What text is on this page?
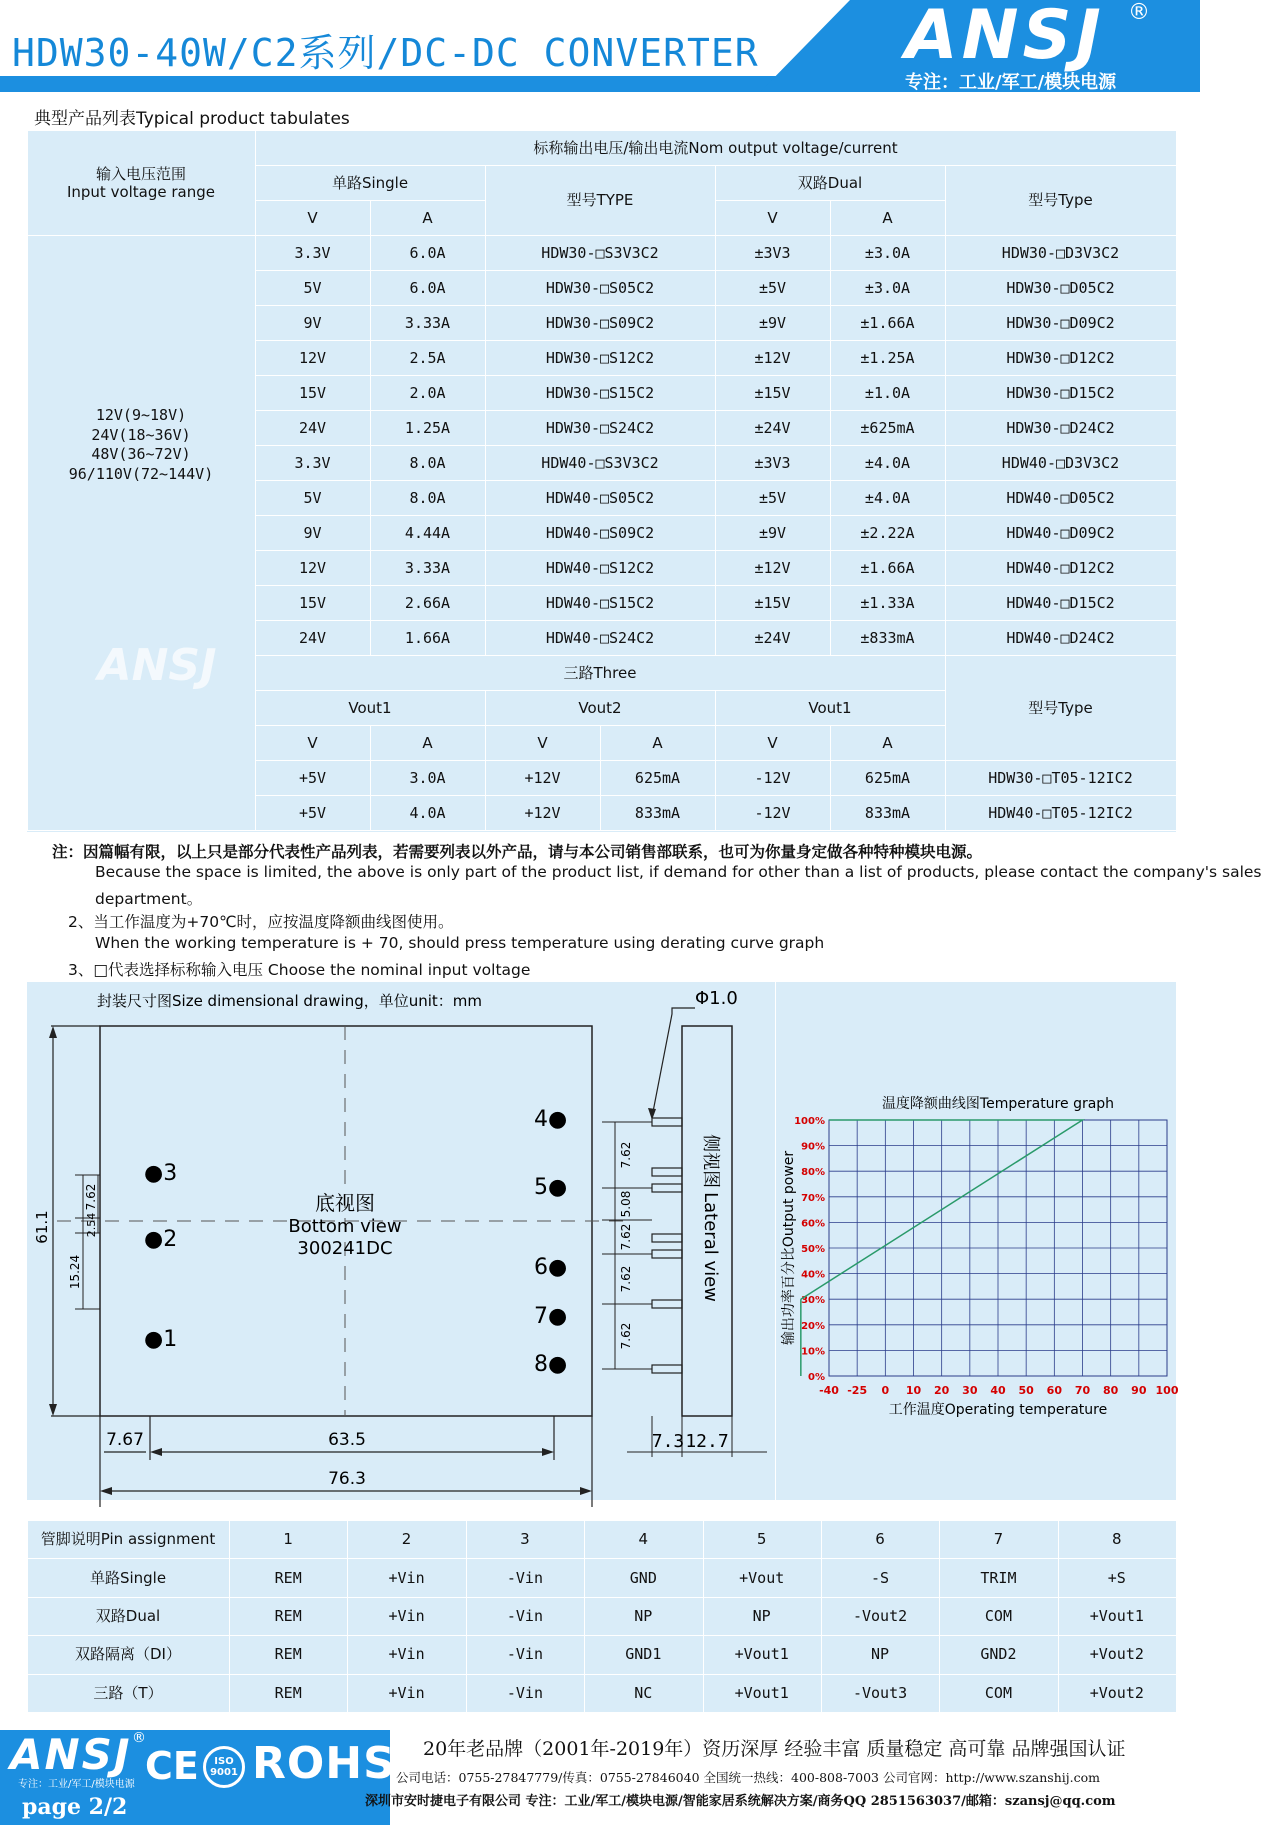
HDW30-40W/C2系列/DC-DC CONVERTER ANSJ ®
专注：工业/军工/模块电源
典型产品列表Typical product tabulates
输入电压范围
Input voltage range
标称输出电压/输出电流Nom output voltage/current
单路Single
型号TYPE
双路Dual
型号Type
V	A	V	A
12V(9~18V)
24V(18~36V)
48V(36~72V)
96/110V(72~144V)
3.3V	6.0A	HDW30-□S3V3C2	±3V3	±3.0A	HDW30-□D3V3C2
5V	6.0A	HDW30-□S05C2	±5V	±3.0A	HDW30-□D05C2
9V	3.33A	HDW30-□S09C2	±9V	±1.66A	HDW30-□D09C2
12V	2.5A	HDW30-□S12C2	±12V	±1.25A	HDW30-□D12C2
15V	2.0A	HDW30-□S15C2	±15V	±1.0A	HDW30-□D15C2
24V	1.25A	HDW30-□S24C2	±24V	±625mA	HDW30-□D24C2
3.3V	8.0A	HDW40-□S3V3C2	±3V3	±4.0A	HDW40-□D3V3C2
5V	8.0A	HDW40-□S05C2	±5V	±4.0A	HDW40-□D05C2
9V	4.44A	HDW40-□S09C2	±9V	±2.22A	HDW40-□D09C2
12V	3.33A	HDW40-□S12C2	±12V	±1.66A	HDW40-□D12C2
15V	2.66A	HDW40-□S15C2	±15V	±1.33A	HDW40-□D15C2
24V	1.66A	HDW40-□S24C2	±24V	±833mA	HDW40-□D24C2
三路Three
型号Type
Vout1	Vout2	Vout1
V	A	V	A	V	A
+5V	3.0A	+12V	625mA	-12V	625mA	HDW30-□T05-12IC2
+5V	4.0A	+12V	833mA	-12V	833mA	HDW40-□T05-12IC2
ANSJ
注：因篇幅有限，以上只是部分代表性产品列表，若需要列表以外产品，请与本公司销售部联系，也可为你量身定做各种特种模块电源。
Because the space is limited, the above is only part of the product list, if demand for other than a list of products, please contact the company's sales
department。
2、当工作温度为+70℃时，应按温度降额曲线图使用。
When the working temperature is + 70, should press temperature using derating curve graph
3、□代表选择标称输入电压 Choose the nominal input voltage
封装尺寸图Size dimensional drawing，单位unit：mm
底视图
Bottom view
300241DC
●3
●2
●1
4●
5●
6●
7●
8●
61.1
7.62
2.54
15.24
7.67	63.5
76.3
侧视图Lateral view
7.62
5.08
7.62
7.62
7.62
Φ1.0
7.3 12.7
-40 -25 0 10 20 30 40 50 60 70 80 90 100
0%
10%
20%
30%
40%
50%
60%
70%
80%
90%
100%
温度降额曲线图Temperature graph
工作温度Operating temperature
输出功率百分比Output power
管脚说明Pin assignment	1	2	3	4	5	6	7	8
单路Single	REM	+Vin	-Vin	GND	+Vout	-S	TRIM	+S
双路Dual	REM	+Vin	-Vin	NP	NP	-Vout2	COM	+Vout1
双路隔离（DI）	REM	+Vin	-Vin	GND1	+Vout1	NP	GND2	+Vout2
三路（T）	REM	+Vin	-Vin	NC	+Vout1	-Vout3	COM	+Vout2
ANSJ ®
专注：工业/军工/模块电源
page 2/2
CE	ISO 9001 ROHS 20年老品牌（2001年-2019年）资历深厚 经验丰富 质量稳定 高可靠 品牌强国认证
公司电话：0755-27847779/传真：0755-27846040 全国统一热线：400-808-7003 公司官网：http://www.szanshij.com
深圳市安时捷电子有限公司 专注：工业/军工/模块电源/智能家居系统解决方案/商务QQ 2851563037/邮箱：szansj@qq.com
